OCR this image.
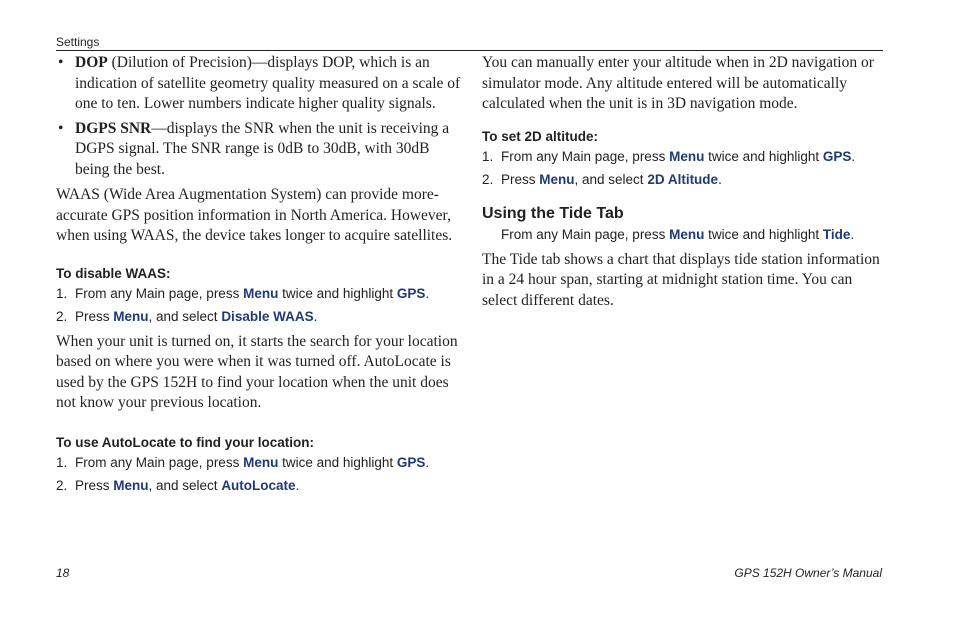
Settings
• DOP (Dilution of Precision)—displays DOP, which is an indication of satellite geometry quality measured on a scale of one to ten. Lower numbers indicate higher quality signals.
• DGPS SNR—displays the SNR when the unit is receiving a DGPS signal. The SNR range is 0dB to 30dB, with 30dB being the best.

WAAS (Wide Area Augmentation System) can provide more-accurate GPS position information in North America. However, when using WAAS, the device takes longer to acquire satellites.

To disable WAAS:

1. From any Main page, press Menu twice and highlight GPS.
2. Press Menu, and select Disable WAAS.

When your unit is turned on, it starts the search for your location based on where you were when it was turned off. AutoLocate is used by the GPS 152H to find your location when the unit does not know your previous location.

To use AutoLocate to find your location:

1. From any Main page, press Menu twice and highlight GPS.
2. Press Menu, and select AutoLocate.

You can manually enter your altitude when in 2D navigation or simulator mode. Any altitude entered will be automatically calculated when the unit is in 3D navigation mode.

To set 2D altitude:

1. From any Main page, press Menu twice and highlight GPS.
2. Press Menu, and select 2D Altitude.

Using the Tide Tab

From any Main page, press Menu twice and highlight Tide.

The Tide tab shows a chart that displays tide station information in a 24 hour span, starting at midnight station time. You can select different dates.

18	GPS 152H Owner’s Manual
